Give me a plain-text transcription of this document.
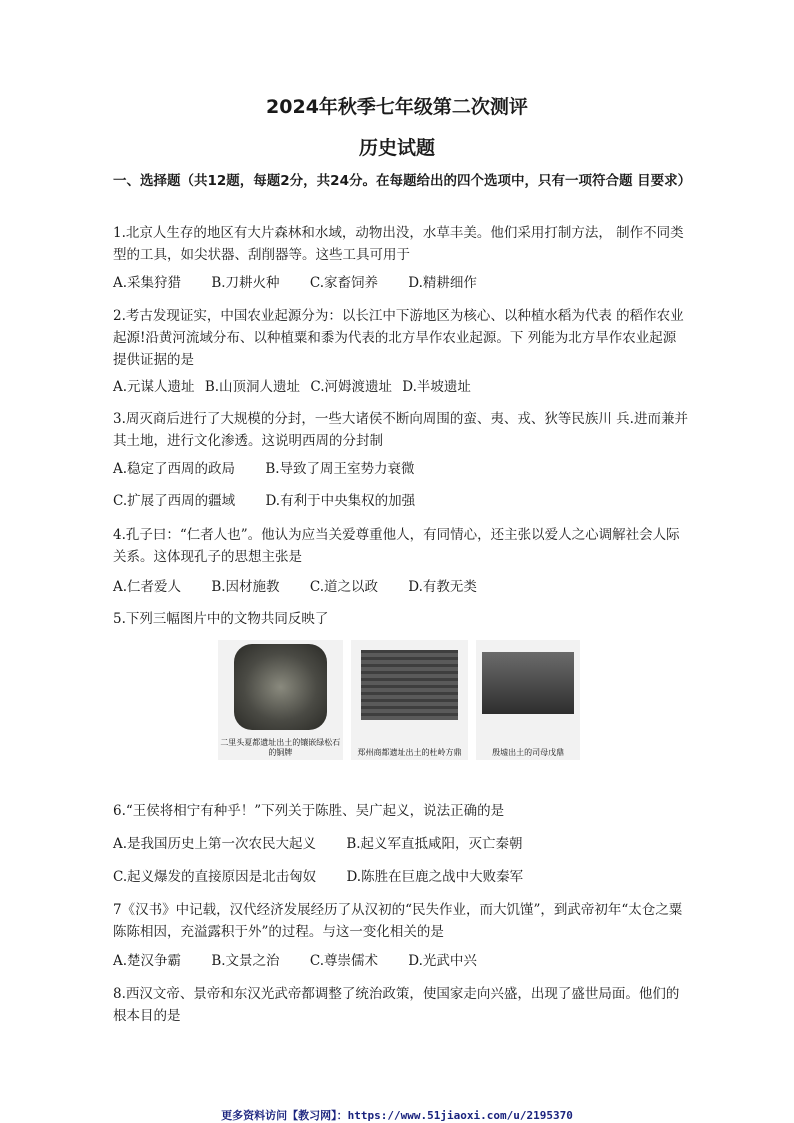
2024年秋季七年级第二次测评
历史试题
一、选择题（共12题，每题2分，共24分。在每题给出的四个选项中，只有一项符合题 目要求）
1.北京人生存的地区有大片森林和水域，动物出没，水草丰美。他们采用打制方法， 制作不同类型的工具，如尖状器、刮削器等。这些工具可用于
A.采集狩猎 B.刀耕火种 C.家畜饲养 D.精耕细作
2.考古发现证实，中国农业起源分为：以长江中下游地区为核心、以种植水稻为代表 的稻作农业起源!沿黄河流域分布、以种植粟和黍为代表的北方旱作农业起源。下 列能为北方旱作农业起源提供证据的是
A.元谋人遗址 B.山顶洞人遗址 C.河姆渡遗址 D.半坡遗址
3.周灭商后进行了大规模的分封，一些大诸侯不断向周围的蛮、夷、戎、狄等民族川 兵.进而兼并其土地，进行文化渗透。这说明西周的分封制
A.稳定了西周的政局 B.导致了周王室势力衰微
C.扩展了西周的疆域 D.有利于中央集权的加强
4.孔子曰：“仁者人也”。他认为应当关爱尊重他人，有同情心，还主张以爱人之心调解社会人际关系。这体现孔子的思想主张是
A.仁者爱人 B.因材施教 C.道之以政 D.有教无类
5.下列三幅图片中的文物共同反映了
二里头夏都遗址出土的镶嵌绿松石的铜牌	郑州商都遗址出土的杜岭方鼎	殷墟出土的司母戊鼎
6.“王侯将相宁有种乎！”下列关于陈胜、吴广起义，说法正确的是
A.是我国历史上第一次农民大起义 B.起义军直抵咸阳，灭亡秦朝
C.起义爆发的直接原因是北击匈奴 D.陈胜在巨鹿之战中大败秦军
7《汉书》中记载，汉代经济发展经历了从汉初的“民失作业，而大饥馑”，到武帝初年“太仓之粟陈陈相因，充溢露积于外”的过程。与这一变化相关的是
A.楚汉争霸 B.文景之治 C.尊崇儒术 D.光武中兴
8.西汉文帝、景帝和东汉光武帝都调整了统治政策，使国家走向兴盛，出现了盛世局面。他们的根本目的是
更多资料访问【教习网】：https://www.51jiaoxi.com/u/2195370
